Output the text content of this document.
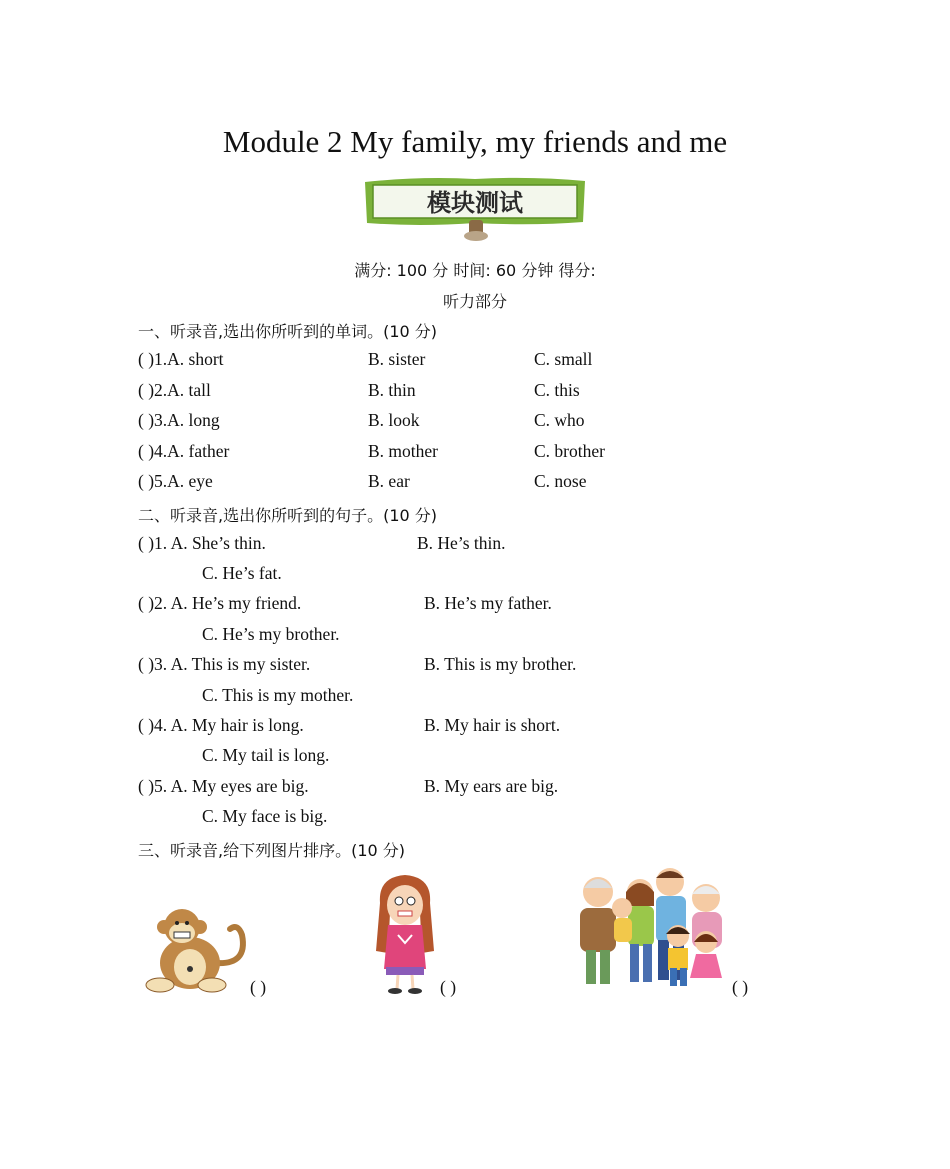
Module 2 My family, my friends and me
模块测试
满分: 100 分 时间: 60 分钟 得分:
听力部分
一、听录音,选出你所听到的单词。(10 分)
( )1.A. short	B. sister	C. small
( )2.A. tall	B. thin	C. this
( )3.A. long	B. look	C. who
( )4.A. father	B. mother	C. brother
( )5.A. eye	B. ear	C. nose
二、听录音,选出你所听到的句子。(10 分)
( )1. A. She’s thin.	B. He’s thin.
C. He’s fat.
( )2. A. He’s my friend.	B. He’s my father.
C. He’s my brother.
( )3. A. This is my sister.	B. This is my brother.
C. This is my mother.
( )4. A. My hair is long.	B. My hair is short.
C. My tail is long.
( )5. A. My eyes are big.	B. My ears are big.
C. My face is big.
三、听录音,给下列图片排序。(10 分)
( )	( )	( )
